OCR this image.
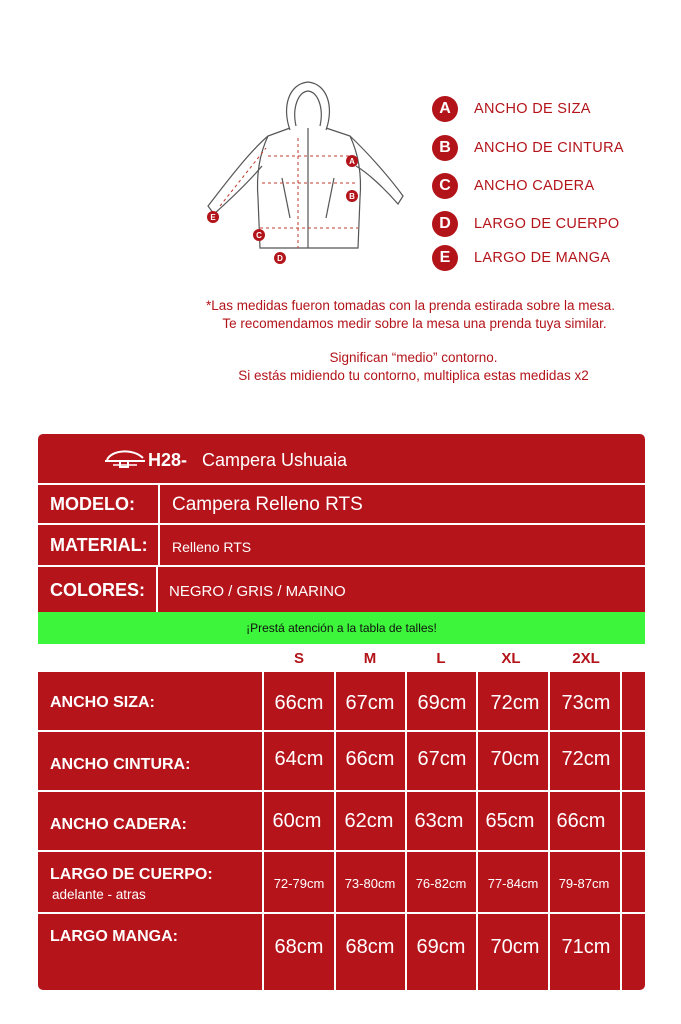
A
B
C
D
E
A	ANCHO DE SIZA
B	ANCHO DE CINTURA
C	ANCHO CADERA
D	LARGO DE CUERPO
E	LARGO DE MANGA
*Las medidas fueron tomadas con la prenda estirada sobre la mesa.
Te recomendamos medir sobre la mesa una prenda tuya similar.
Significan “medio” contorno.
Si estás midiendo tu contorno, multiplica estas medidas x2
H28- Campera Ushuaia
MODELO: Campera Relleno RTS
MATERIAL: Relleno RTS
COLORES: NEGRO / GRIS / MARINO
¡Prestá atención a la tabla de talles!
S	M	L	XL	2XL
ANCHO SIZA:	66cm	67cm	69cm	72cm	73cm
ANCHO CINTURA:	64cm	66cm	67cm	70cm	72cm
ANCHO CADERA:	60cm	62cm	63cm	65cm	66cm
LARGO DE CUERPO:
adelante - atras
72-79cm	73-80cm	76-82cm	77-84cm	79-87cm
LARGO MANGA:	68cm	68cm	69cm	70cm	71cm
